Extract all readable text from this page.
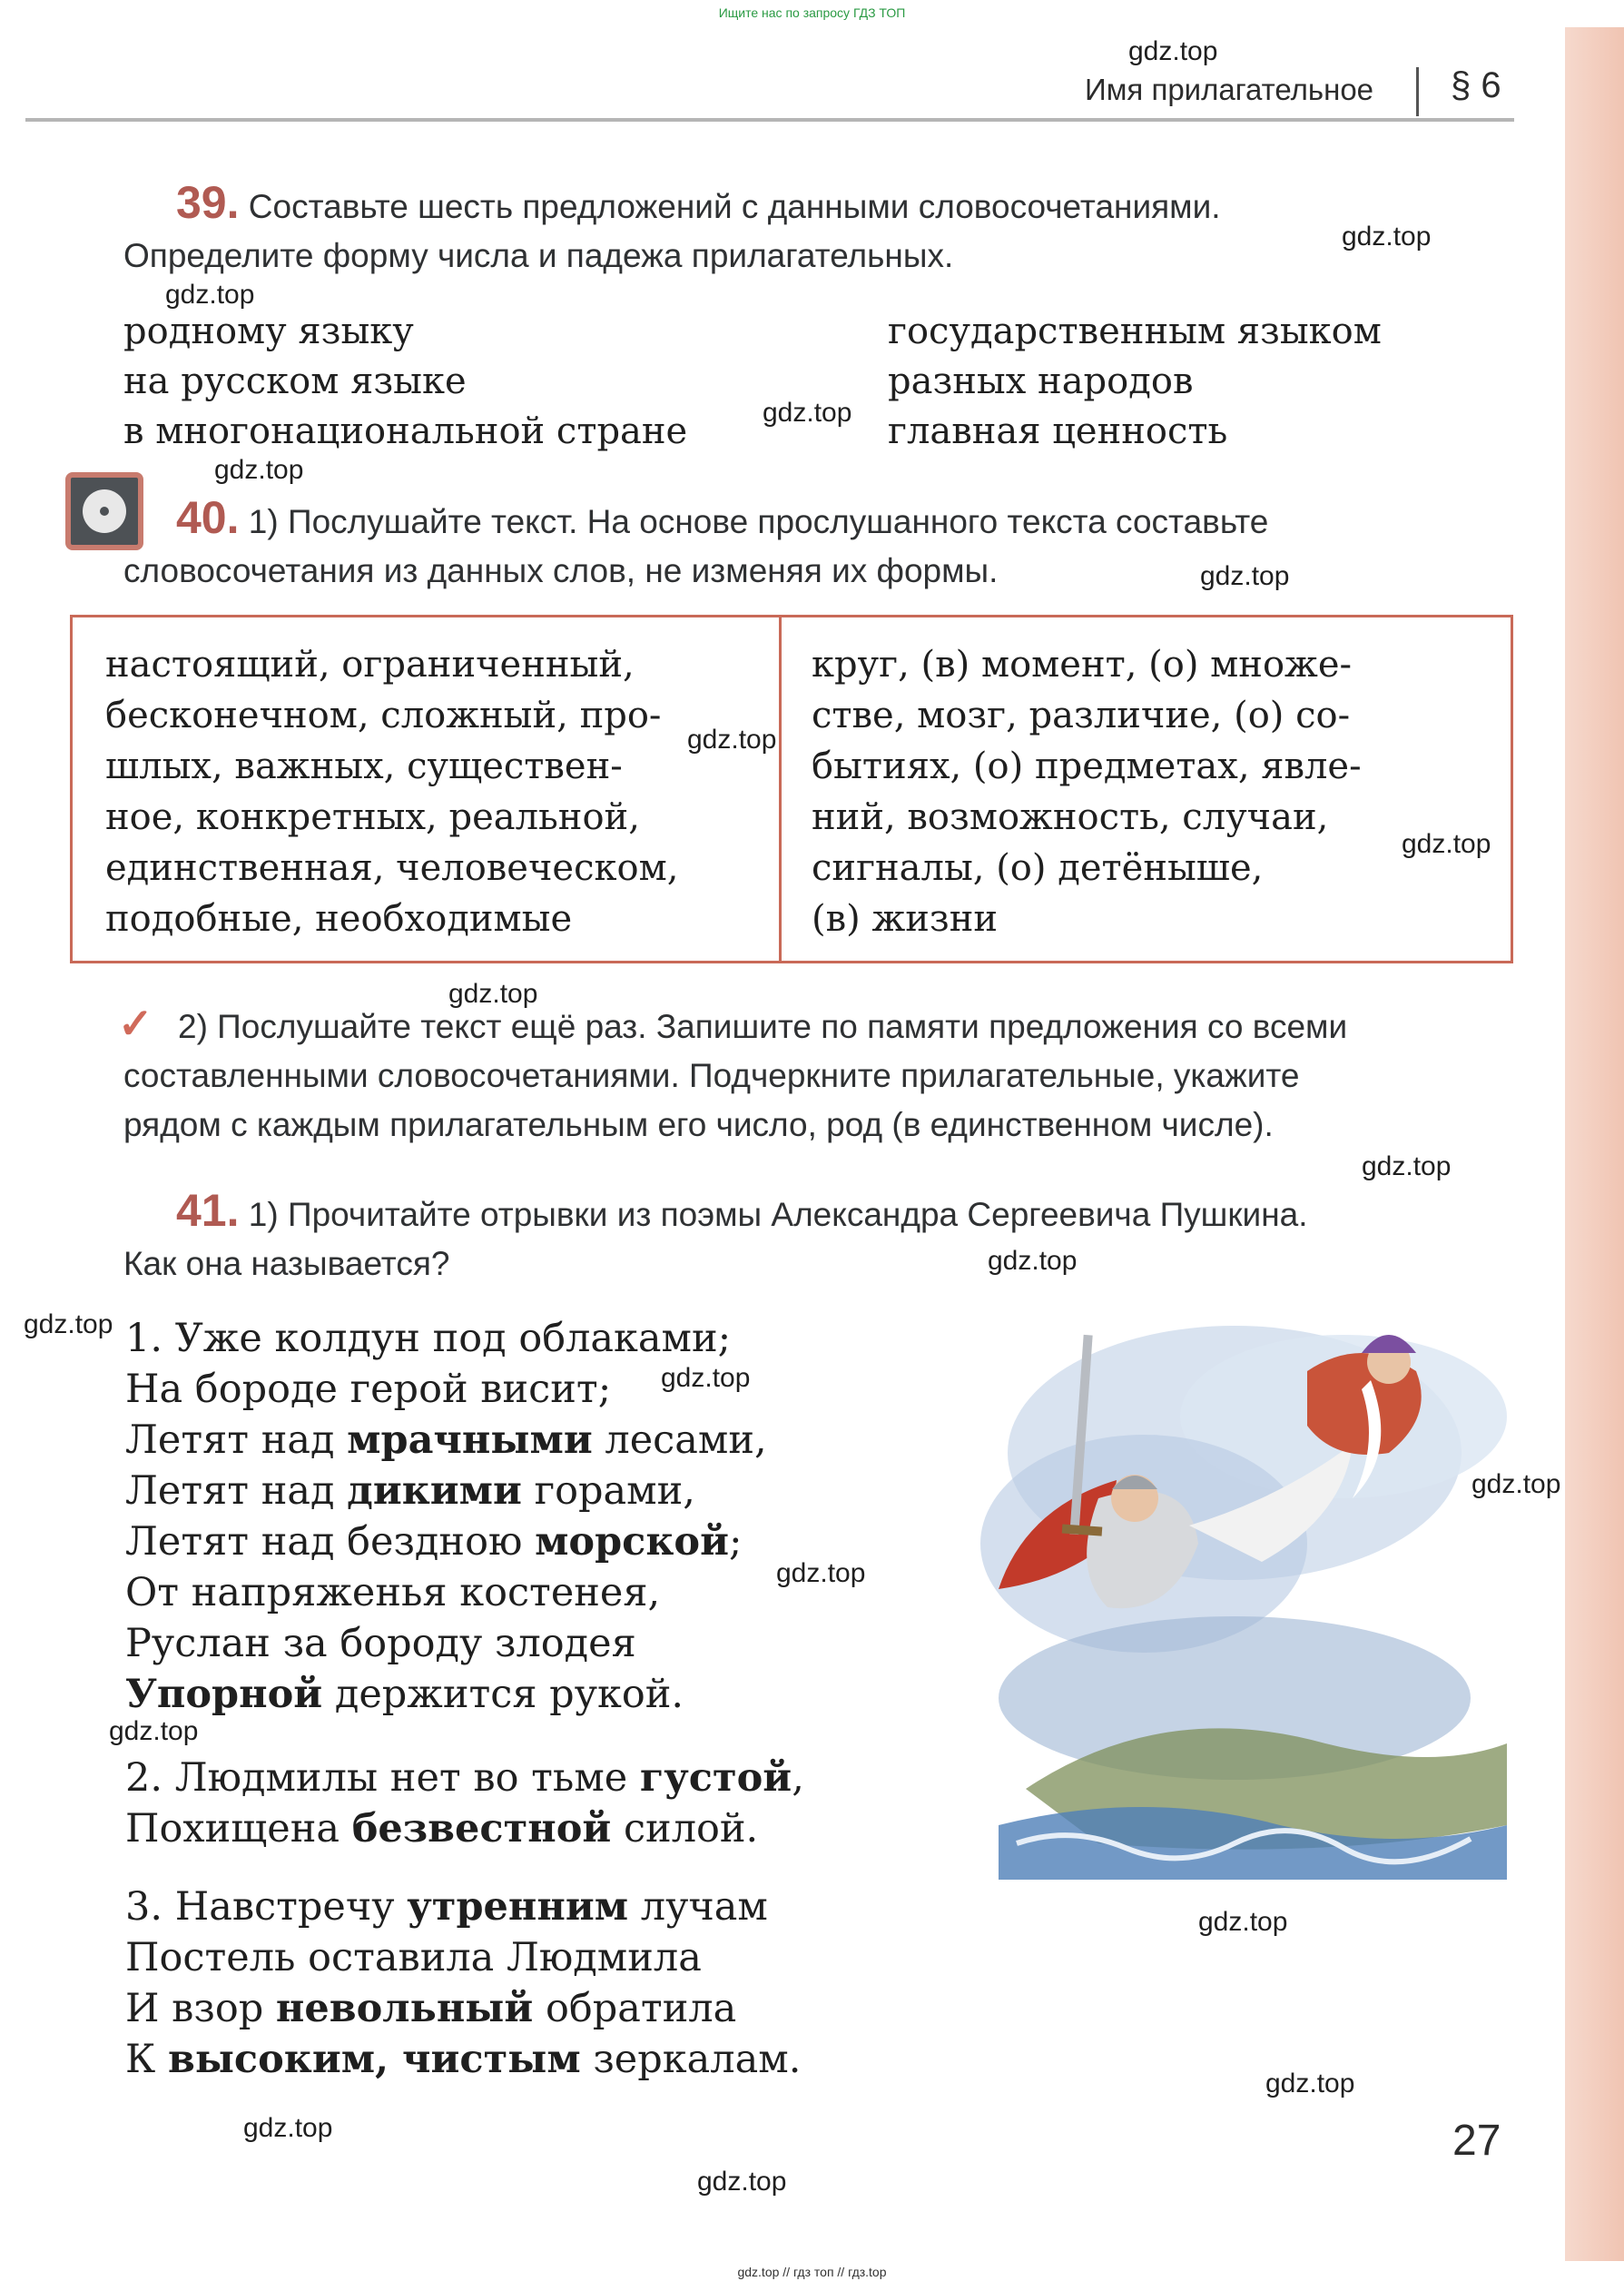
Ищите нас по запросу ГДЗ ТОП
gdz.top
gdz.top
gdz.top
gdz.top
gdz.top
gdz.top
gdz.top
gdz.top
gdz.top
gdz.top
gdz.top
gdz.top
gdz.top
gdz.top
gdz.top
gdz.top
gdz.top
gdz.top
gdz.top
gdz.top
Имя прилагательное § 6
39. Составьте шесть предложений с данными словосочетаниями.
Определите форму числа и падежа прилагательных.
родному языку
на русском языке
в многонациональной стране
государственным языком
разных народов
главная ценность
40. 1) Послушайте текст. На основе прослушанного текста составьте
словосочетания из данных слов, не изменяя их формы.
настоящий, ограниченный,
бесконечном, сложный, про-
шлых, важных, существен-
ное, конкретных, реальной,
единственная, человеческом,
подобные, необходимые
круг, (в) момент, (о) множе-
стве, мозг, различие, (о) со-
бытиях, (о) предметах, явле-
ний, возможность, случаи,
сигналы, (о) детёныше,
(в) жизни
✓ 2) Послушайте текст ещё раз. Запишите по памяти предложения со всеми
составленными словосочетаниями. Подчеркните прилагательные, укажите
рядом с каждым прилагательным его число, род (в единственном числе).
41. 1) Прочитайте отрывки из поэмы Александра Сергеевича Пушкина.
Как она называется?
1. Уже колдун под облаками;
На бороде герой висит;
Летят над мрачными лесами,
Летят над дикими горами,
Летят над бездною морской;
От напряженья костенея,
Руслан за бороду злодея
Упорной держится рукой.
2. Людмилы нет во тьме густой,
Похищена безвестной силой.
3. Навстречу утренним лучам
Постель оставила Людмила
И взор невольный обратила
К высоким, чистым зеркалам.
27
gdz.top // гдз топ // гдз.top
